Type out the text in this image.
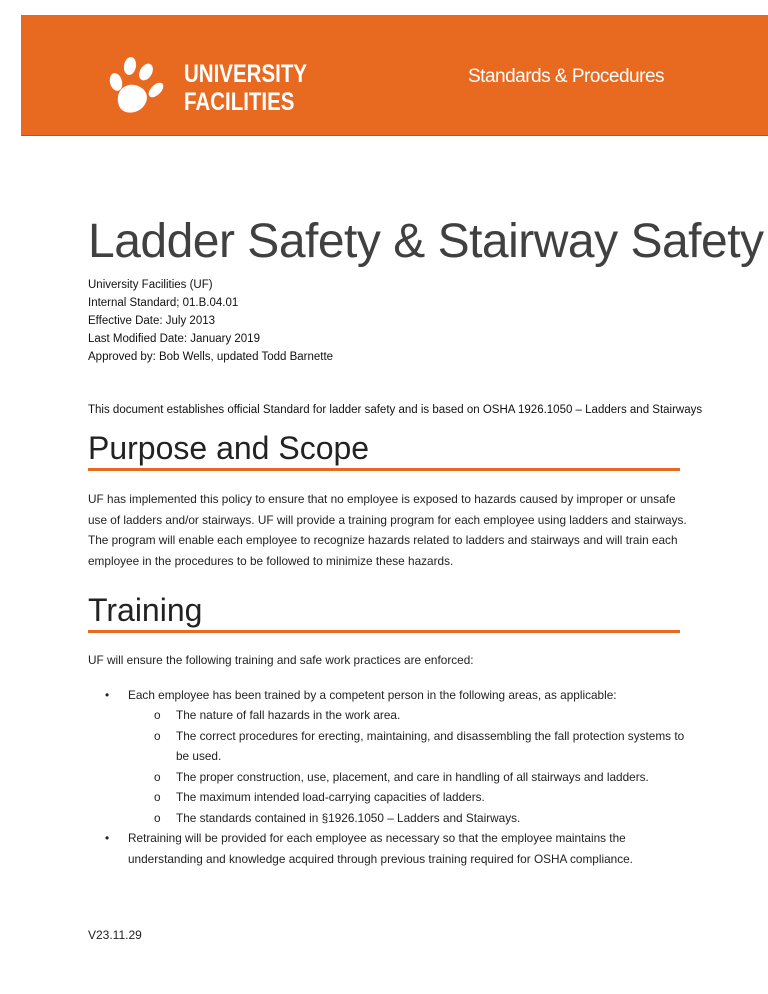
UNIVERSITY
FACILITIES
Standards & Procedures
Ladder Safety & Stairway Safety
University Facilities (UF)
Internal Standard; 01.B.04.01
Effective Date: July 2013
Last Modified Date: January 2019
Approved by: Bob Wells, updated Todd Barnette
This document establishes official Standard for ladder safety and is based on OSHA 1926.1050 – Ladders and Stairways
Purpose and Scope
UF has implemented this policy to ensure that no employee is exposed to hazards caused by improper or unsafe use of ladders and/or stairways. UF will provide a training program for each employee using ladders and stairways. The program will enable each employee to recognize hazards related to ladders and stairways and will train each employee in the procedures to be followed to minimize these hazards.
Training
UF will ensure the following training and safe work practices are enforced:
• Each employee has been trained by a competent person in the following areas, as applicable:
o The nature of fall hazards in the work area.
o The correct procedures for erecting, maintaining, and disassembling the fall protection systems to be used.
o The proper construction, use, placement, and care in handling of all stairways and ladders.
o The maximum intended load-carrying capacities of ladders.
o The standards contained in §1926.1050 – Ladders and Stairways.
• Retraining will be provided for each employee as necessary so that the employee maintains the understanding and knowledge acquired through previous training required for OSHA compliance.
V23.11.29
